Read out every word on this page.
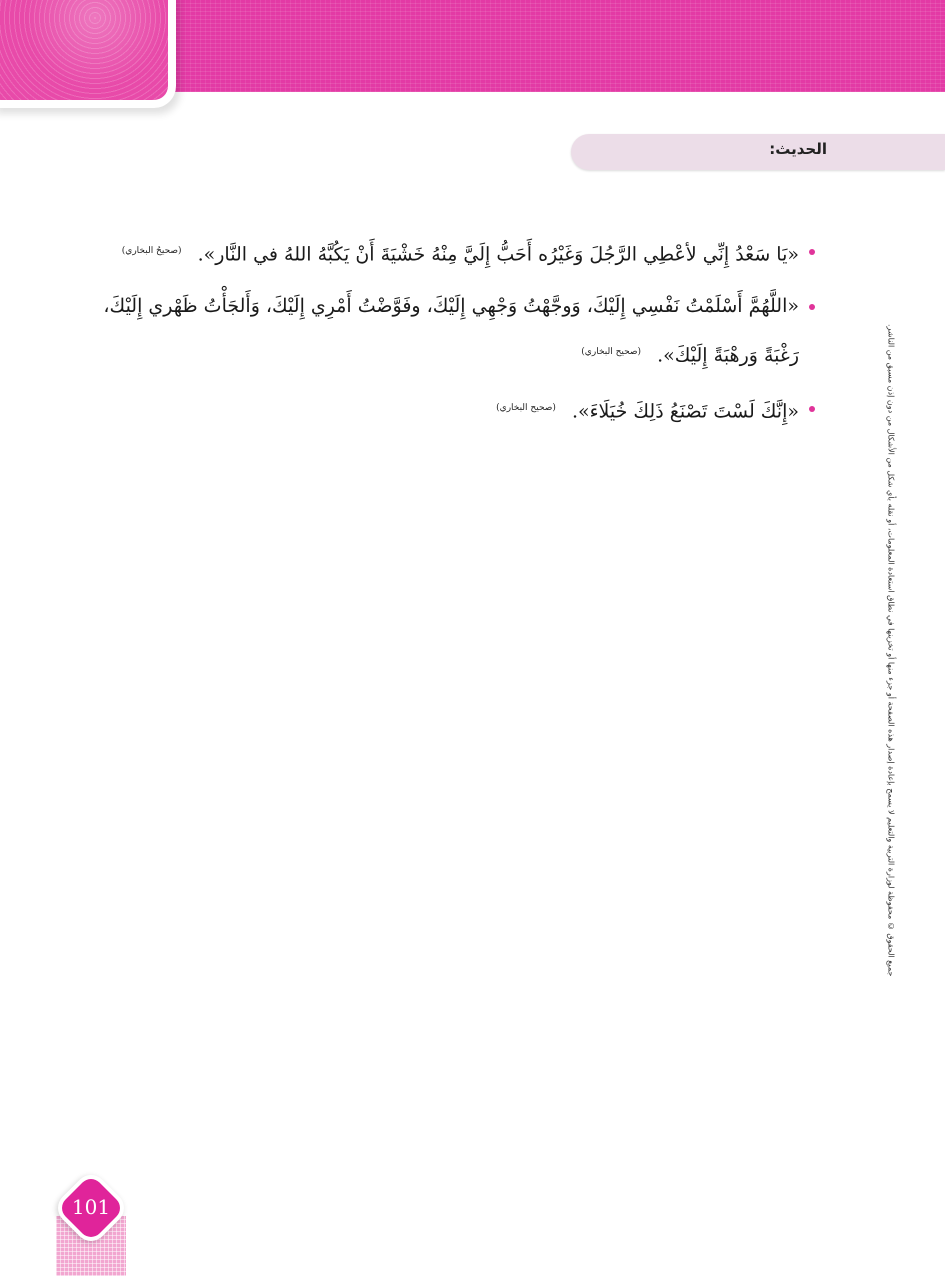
الحديث:
«يَا سَعْدُ إِنِّي لأعْطِي الرَّجُلَ وَغَيْرُه أَحَبُّ إِلَيَّ مِنْهُ خَشْيَةَ أَنْ يَكُبَّهُ اللهُ في النَّار». $^{(صحيحُ البخاري)}$
«اللَّهُمَّ أَسْلَمْتُ نَفْسِي إِلَيْكَ، وَوجَّهْتُ وَجْهِي إِلَيْكَ، وفَوَّضْتُ أَمْرِي إِلَيْكَ، وَأَلجَأْتُ ظَهْري إِلَيْكَ، رَغْبَةً وَرهْبَةً إِلَيْكَ». $^{(صحيح البخاري)}$
«إِنَّكَ لَسْتَ تَصْنَعُ ذَلِكَ خُيَلَاءَ». $^{(صحيح البخاري)}$	جميع الحقوق © محفوظة لوزارة التربية والتعليم لا يسمح بإعادة إصدار هذه الصفحة أو جزء منها أو تخزينها في نطاق استعادة المعلومات، أو نقله بأي شكل من الأشكال من دون إذن مسبق من الناشر.
101
